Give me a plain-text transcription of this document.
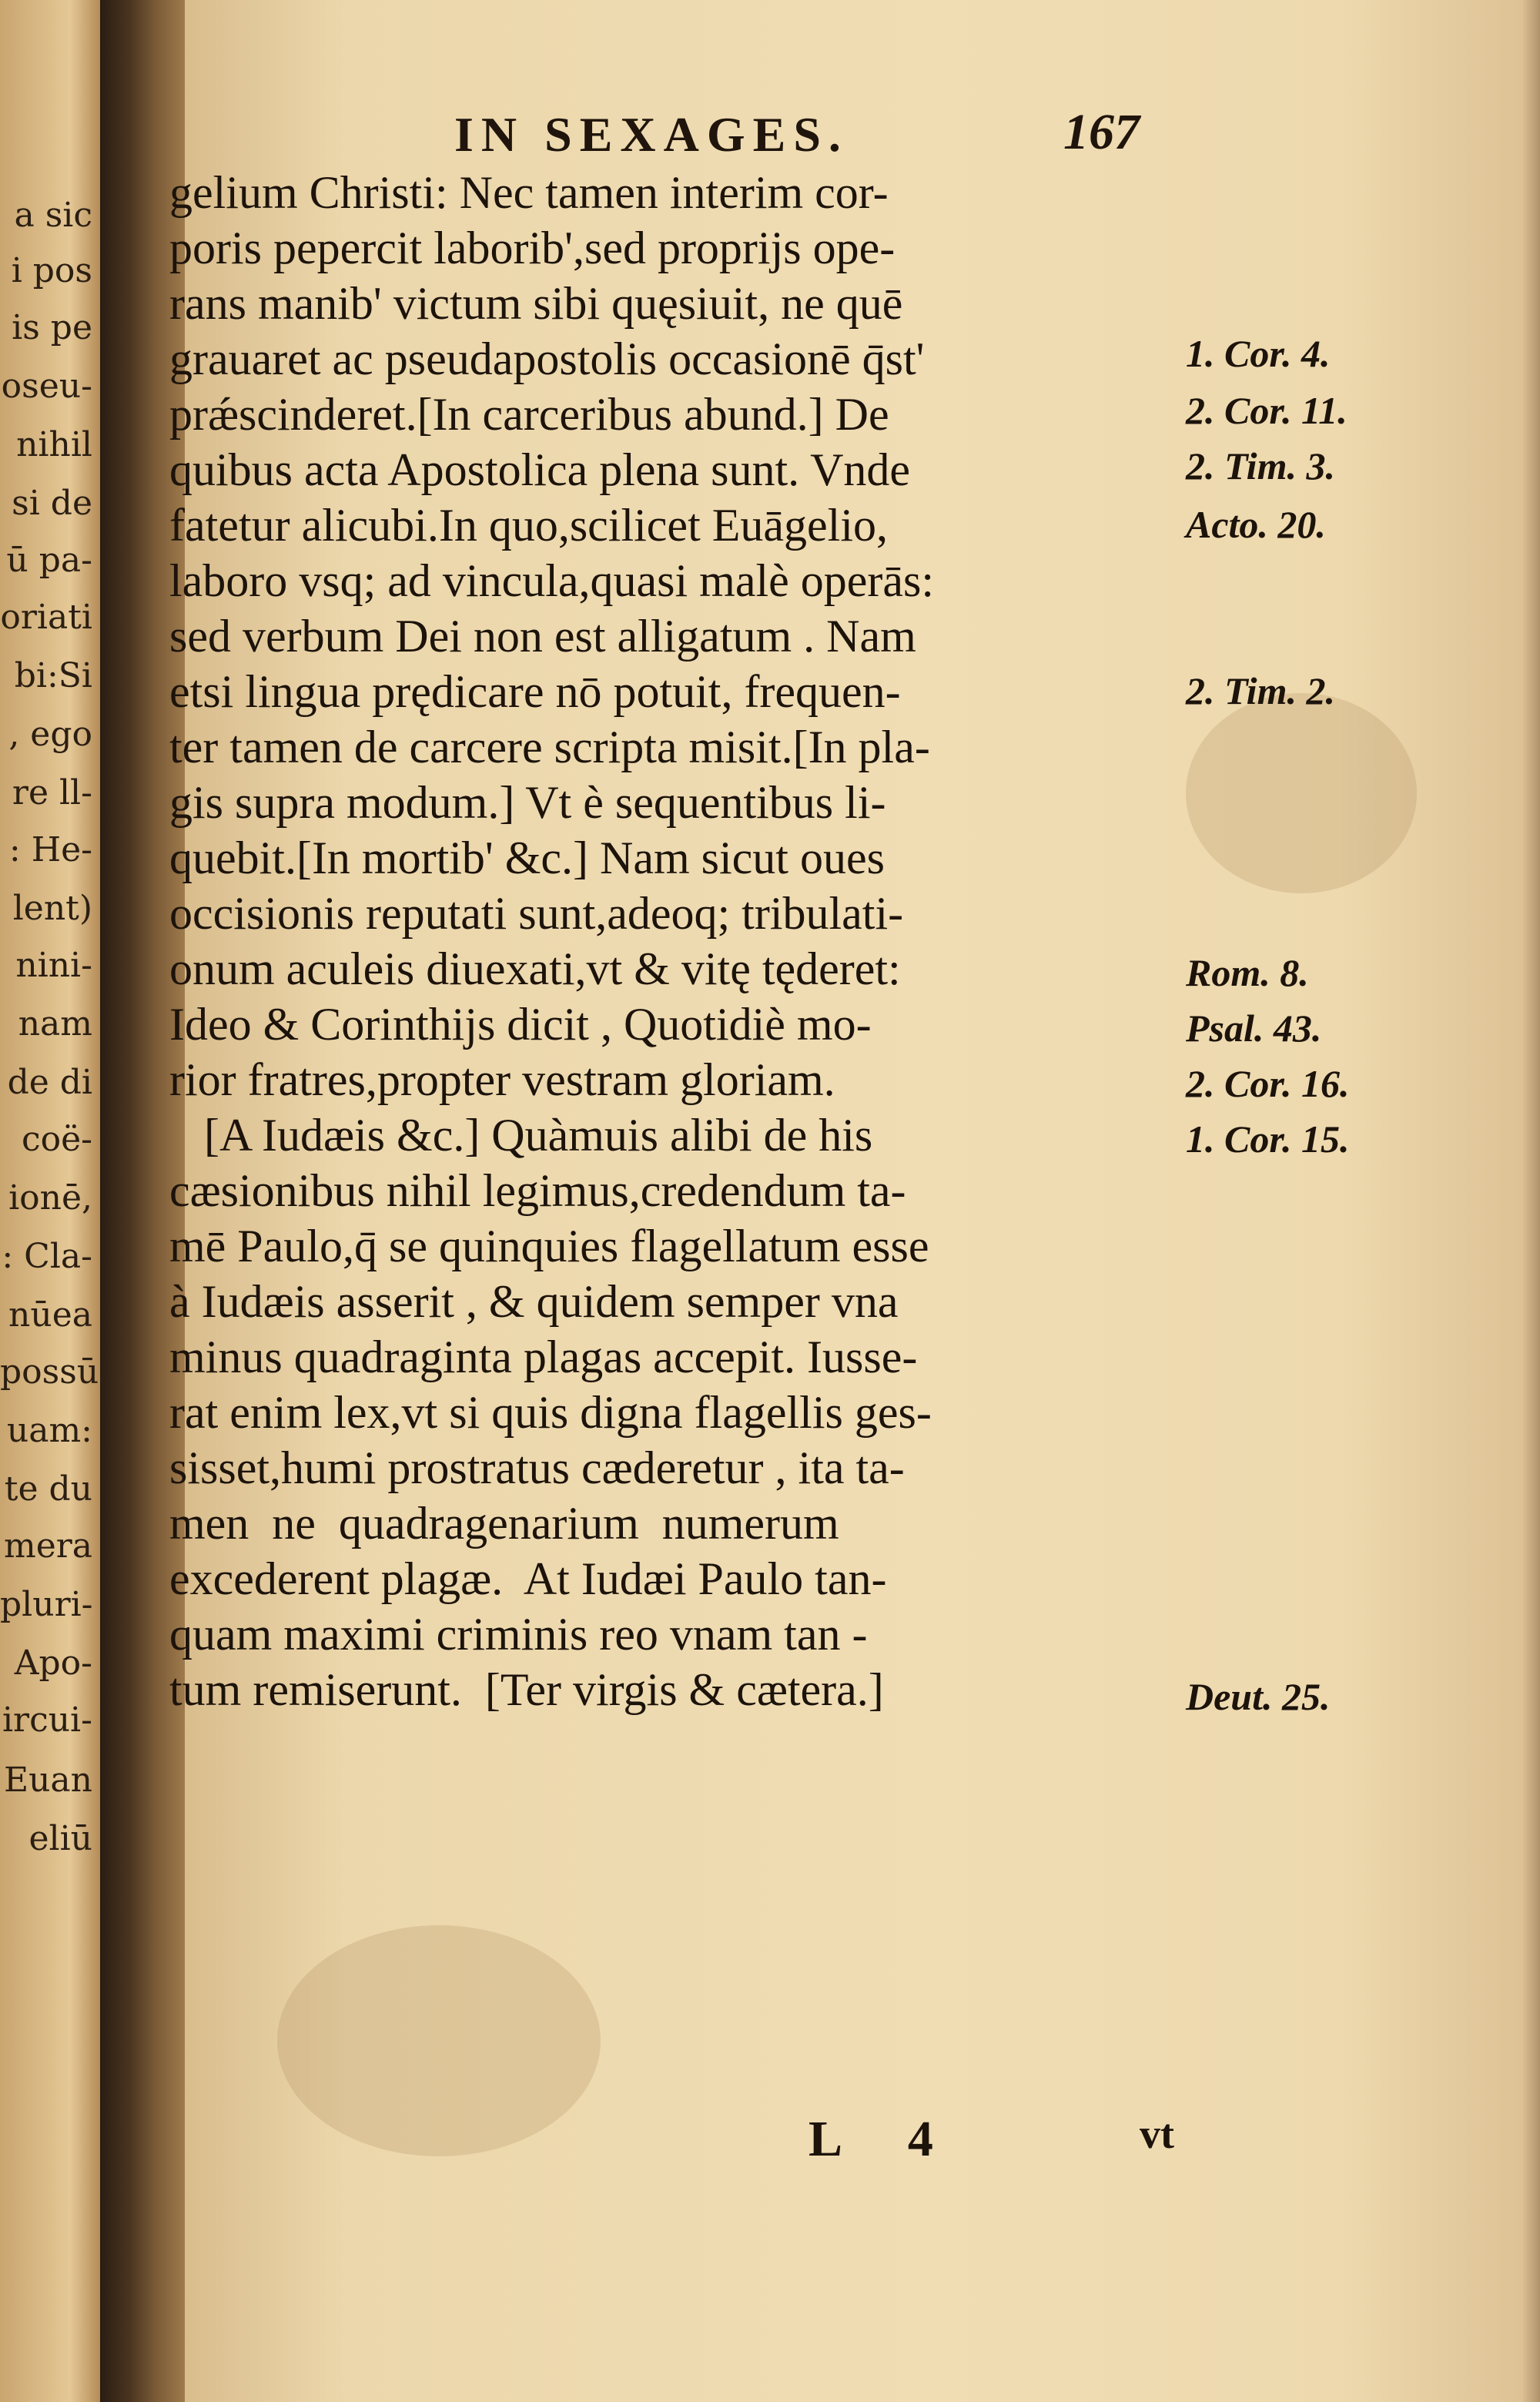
a sic
i pos
is pe
oseu-
nihil
si de
ū pa-
oriati
bi:Si
, ego
re ll-
: He-
lent)
nini-
nam
de di
coë-
ionē,
: Cla-
nūea
possū
uam:
te du
mera
pluri-
Apo-
ircui-
Euan
eliū
IN SEXAGES.	167
gelium Christi: Nec tamen interim cor-
poris pepercit laborib',sed proprijs ope-
rans manib' victum sibi quęsiuit, ne quē
grauaret ac pseudapostolis occasionē q̄st'
prǽscinderet.[In carceribus abund.] De
quibus acta Apostolica plena sunt. Vnde
fatetur alicubi.In quo,scilicet Euāgelio,
laboro vsq; ad vincula,quasi malè operās:
sed verbum Dei non est alligatum . Nam
etsi lingua prędicare nō potuit, frequen-
ter tamen de carcere scripta misit.[In pla-
gis supra modum.] Vt è sequentibus li-
quebit.[In mortib' &c.] Nam sicut oues
occisionis reputati sunt,adeoq; tribulati-
onum aculeis diuexati,vt & vitę tęderet:
Ideo & Corinthijs dicit , Quotidiè mo-
rior fratres,propter vestram gloriam.
[A Iudæis &c.] Quàmuis alibi de his
cæsionibus nihil legimus,credendum ta-
mē Paulo,q̄ se quinquies flagellatum esse
à Iudæis asserit , & quidem semper vna
minus quadraginta plagas accepit. Iusse-
rat enim lex,vt si quis digna flagellis ges-
sisset,humi prostratus cæderetur , ita ta-
men  ne  quadragenarium  numerum
excederent plagæ.  At Iudæi Paulo tan-
quam maximi criminis reo vnam tan -
tum remiserunt.  [Ter virgis & cætera.]
1. Cor. 4.
2. Cor. 11.
2. Tim. 3.
Acto. 20.
2. Tim. 2.
Rom. 8.
Psal. 43.
2. Cor. 16.
1. Cor. 15.
Deut. 25.
L 4	vt
